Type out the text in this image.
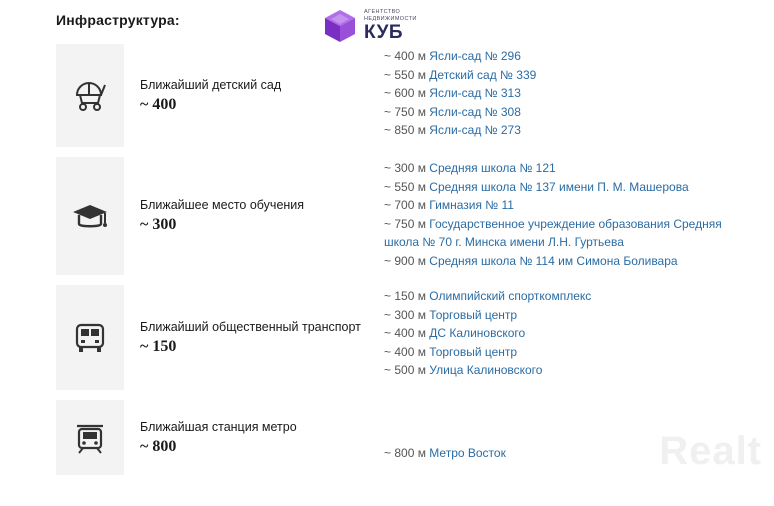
Инфраструктура:	АГЕНТСТВО
НЕДВИЖИМОСТИ
КУБ
Ближайший детский сад
~ 400
~ 400 м Ясли-сад № 296
~ 550 м Детский сад № 339
~ 600 м Ясли-сад № 313
~ 750 м Ясли-сад № 308
~ 850 м Ясли-сад № 273
Ближайшее место обучения
~ 300
~ 300 м Средняя школа № 121
~ 550 м Средняя школа № 137 имени П. М. Машерова
~ 700 м Гимназия № 11
~ 750 м Государственное учреждение образования Средняя школа № 70 г. Минска имени Л.Н. Гуртьева
~ 900 м Средняя школа № 114 им Симона Боливара
Ближайший общественный транспорт
~ 150
~ 150 м Олимпийский спорткомплекс
~ 300 м Торговый центр
~ 400 м ДС Калиновского
~ 400 м Торговый центр
~ 500 м Улица Калиновского
Ближайшая станция метро
~ 800	~ 800 м Метро Восток	Realt
